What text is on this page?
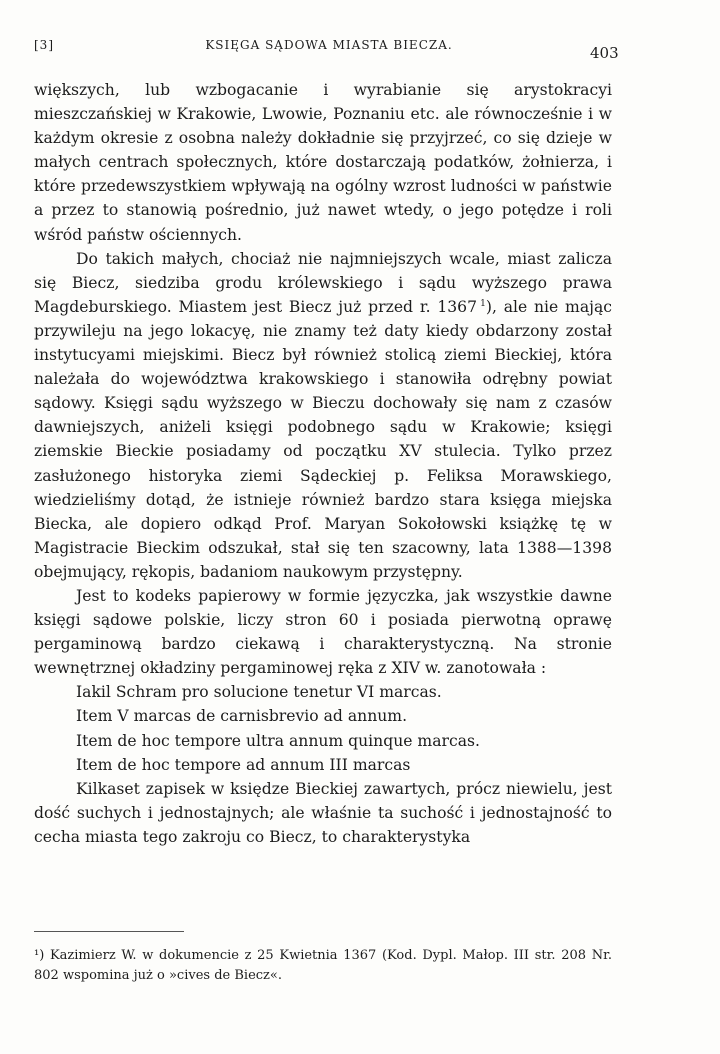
[3]	KSIĘGA SĄDOWA MIASTA BIECZA.	403

większych, lub wzbogacanie i wyrabianie się arystokracyi mieszczańskiej w Krakowie, Lwowie, Poznaniu etc. ale równocześnie i w każdym okresie z osobna należy dokładnie się przyjrzeć, co się dzieje w małych centrach społecznych, które dostarczają podatków, żołnierza, i które przedewszystkiem wpływają na ogólny wzrost ludności w państwie a przez to stanowią pośrednio, już nawet wtedy, o jego potędze i roli wśród państw ościennych.

Do takich małych, chociaż nie najmniejszych wcale, miast zalicza się Biecz, siedziba grodu królewskiego i sądu wyższego prawa Magdeburskiego. Miastem jest Biecz już przed r. 1367  $^1$), ale nie mając przywileju na jego lokacyę, nie znamy też daty kiedy obdarzony został instytucyami miejskimi. Biecz był również stolicą ziemi Bieckiej, która należała do województwa krakowskiego i stanowiła odrębny powiat sądowy. Księgi sądu wyższego w Bieczu dochowały się nam z czasów dawniejszych, aniżeli księgi podobnego sądu w Krakowie; księgi ziemskie Bieckie posiadamy od początku XV stulecia. Tylko przez zasłużonego historyka ziemi Sądeckiej p. Feliksa Morawskiego, wiedzieliśmy dotąd, że istnieje również bardzo stara księga miejska Biecka, ale dopiero odkąd Prof. Maryan Sokołowski książkę tę w Magistracie Bieckim odszukał, stał się ten szacowny, lata 1388—1398 obejmujący, rękopis, badaniom naukowym przystępny.

Jest to kodeks papierowy w formie języczka, jak wszystkie dawne księgi sądowe polskie, liczy stron 60 i posiada pierwotną oprawę pergaminową bardzo ciekawą i charakterystyczną. Na stronie wewnętrznej okładziny pergaminowej ręka z XIV w. zanotowała :

Iakil Schram pro solucione tenetur VI marcas.
Item V marcas de carnisbrevio ad annum.
Item de hoc tempore ultra annum quinque marcas.
Item de hoc tempore ad annum III marcas

Kilkaset zapisek w księdze Bieckiej zawartych, prócz niewielu, jest dość suchych i jednostajnych; ale właśnie ta suchość i jednostajność to cecha miasta tego zakroju co Biecz, to charakterystyka

¹) Kazimierz W. w dokumencie z 25 Kwietnia 1367 (Kod. Dypl. Małop. III str. 208 Nr. 802 wspomina już o »cives de Biecz«.
